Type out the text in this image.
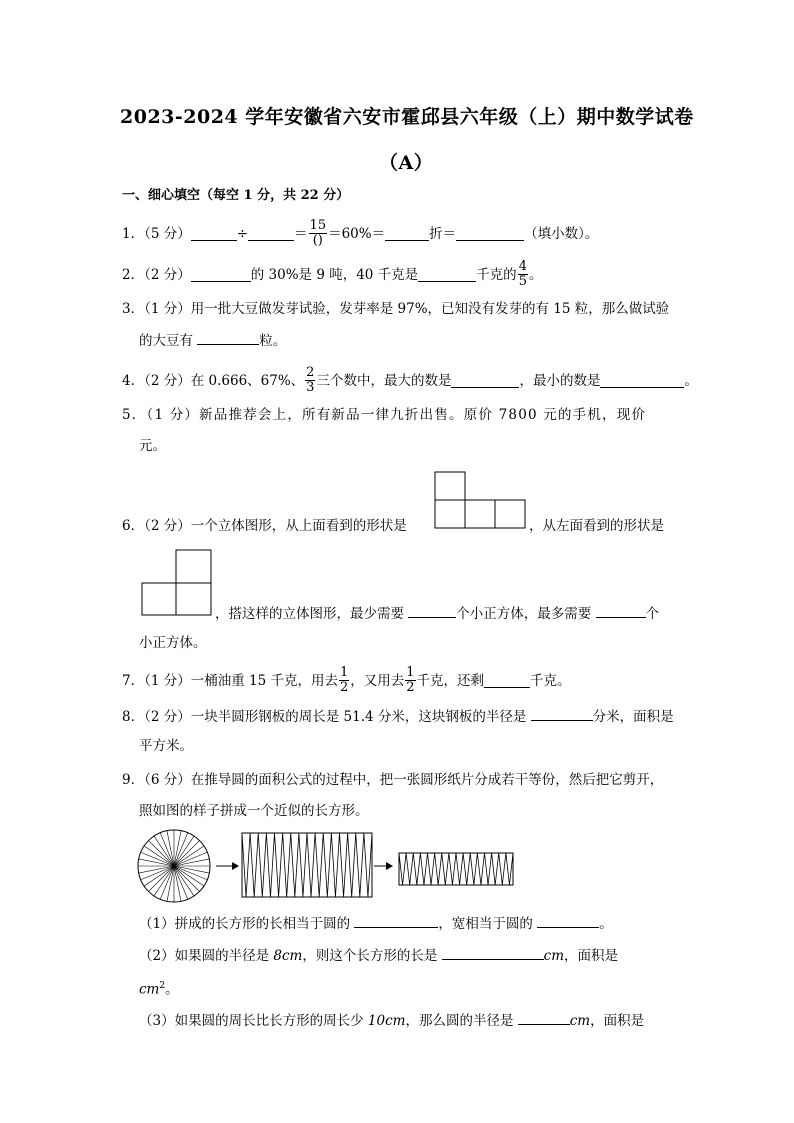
2023-2024 学年安徽省六安市霍邱县六年级（上）期中数学试卷
（A）
一、细心填空（每空 1 分，共 22 分）
1．（5 分）	÷	＝ $\frac{15}{()} =60\%=$	折＝	（填小数）。
2．（2 分）	的 30%是 9 吨，40 千克是	千克的 $\frac{4}{5}$ 。
3．（1 分）用一批大豆做发芽试验，发芽率是 97%，已知没有发芽的有 15 粒，那么做试验
的大豆有	粒。
4．（2 分）在 0.666、67%、 $\frac{2}{3}$ 三个数中，最大的数是	，最小的数是	。
5．（1 分）新品推荐会上，所有新品一律九折出售。原价 7800 元的手机，现价
元。
6．（2 分）一个立体图形，从上面看到的形状是	，从左面看到的形状是
，搭这样的立体图形，最少需要	个小正方体，最多需要	个
小正方体。
7．（1 分）一桶油重 15 千克，用去 $\frac{1}{2}$ ，又用去 $\frac{1}{2}$ 千克，还剩	千克。
8．（2 分）一块半圆形钢板的周长是 51.4 分米，这块钢板的半径是	分米，面积是
平方米。
9．（6 分）在推导圆的面积公式的过程中，把一张圆形纸片分成若干等份，然后把它剪开，
照如图的样子拼成一个近似的长方形。
（1）拼成的长方形的长相当于圆的	，宽相当于圆的	。
（2）如果圆的半径是 8cm，则这个长方形的长是	cm，面积是
$cm^2$。
（3）如果圆的周长比长方形的周长少 10cm，那么圆的半径是	cm，面积是
